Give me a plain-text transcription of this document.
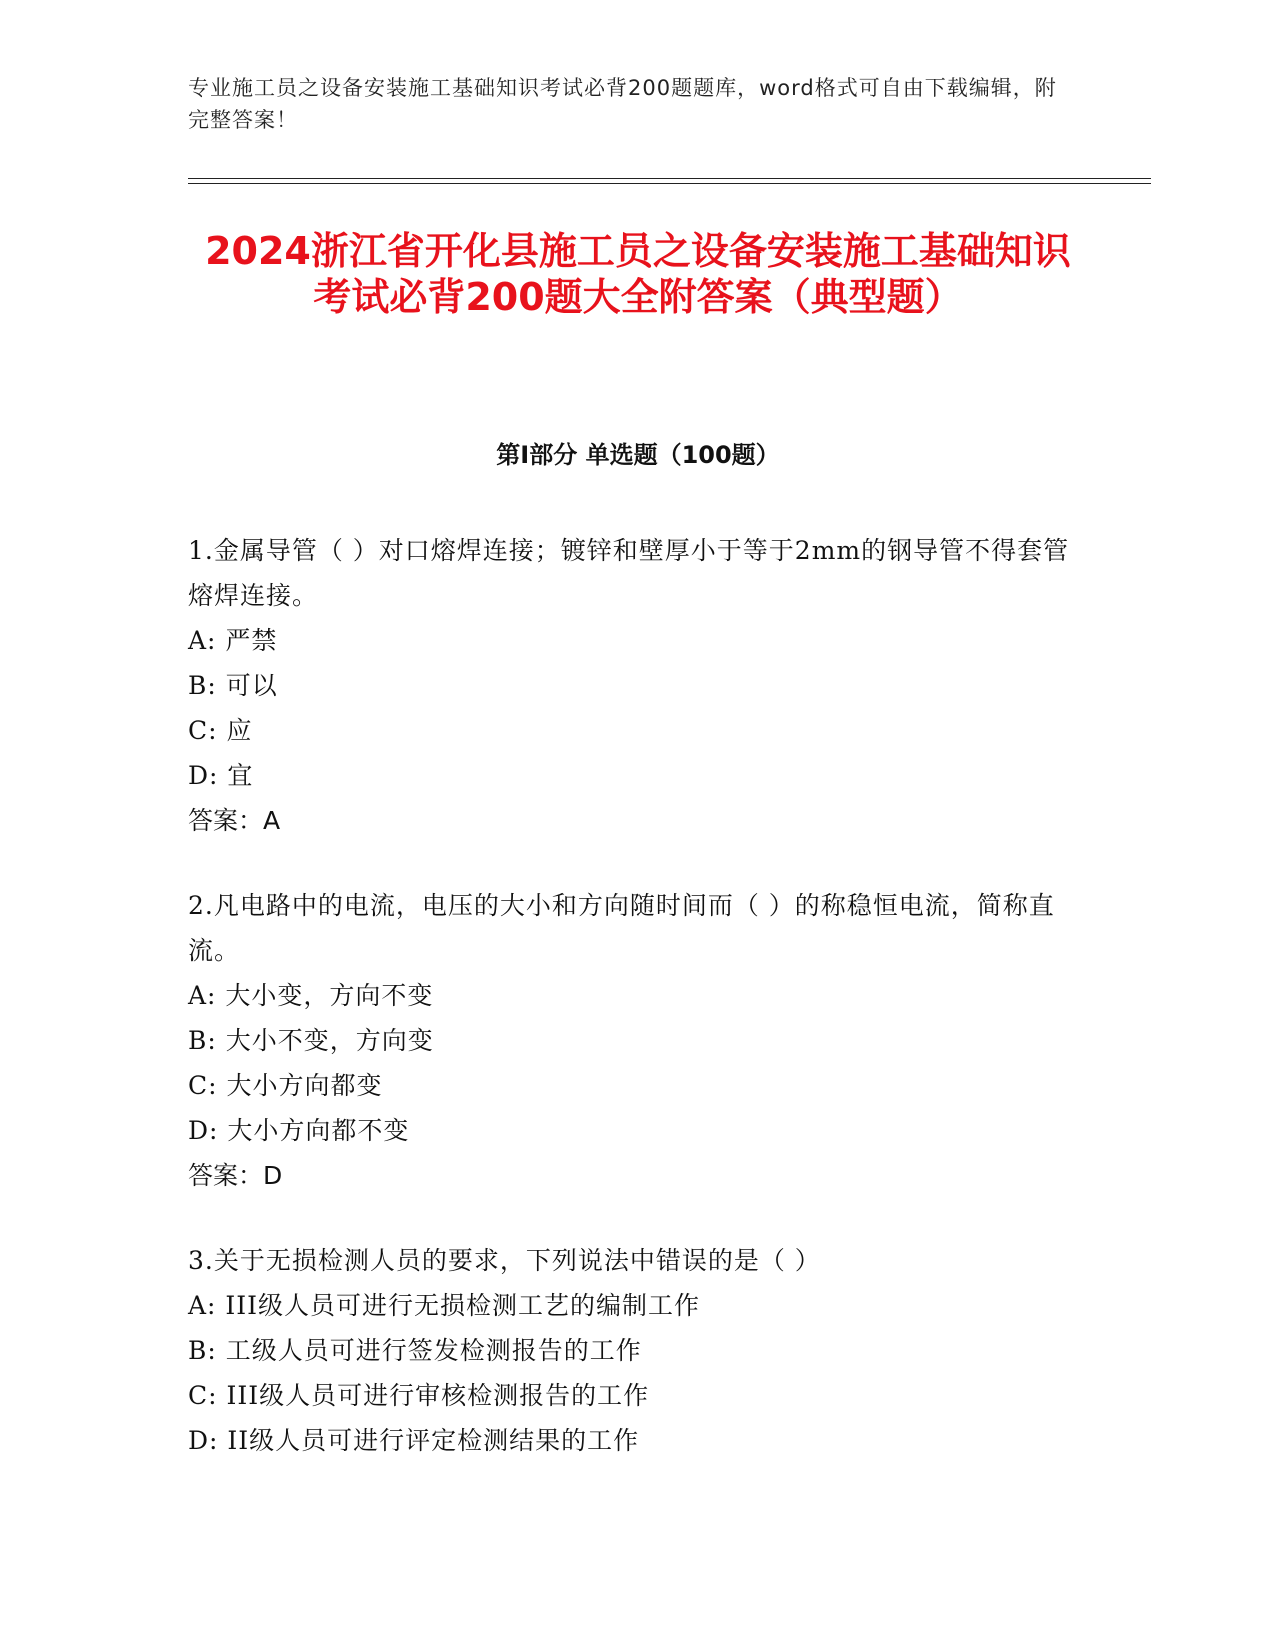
专业施工员之设备安装施工基础知识考试必背200题题库，word格式可自由下载编辑，附完整答案！
2024浙江省开化县施工员之设备安装施工基础知识考试必背200题大全附答案（典型题）
第I部分 单选题（100题）
1.金属导管（ ）对口熔焊连接；镀锌和壁厚小于等于2mm的钢导管不得套管熔焊连接。
A: 严禁
B: 可以
C: 应
D: 宜
答案：A
2.凡电路中的电流，电压的大小和方向随时间而（ ）的称稳恒电流，简称直流。
A: 大小变，方向不变
B: 大小不变，方向变
C: 大小方向都变
D: 大小方向都不变
答案：D
3.关于无损检测人员的要求，下列说法中错误的是（ ）
A: III级人员可进行无损检测工艺的编制工作
B: 工级人员可进行签发检测报告的工作
C: III级人员可进行审核检测报告的工作
D: II级人员可进行评定检测结果的工作
